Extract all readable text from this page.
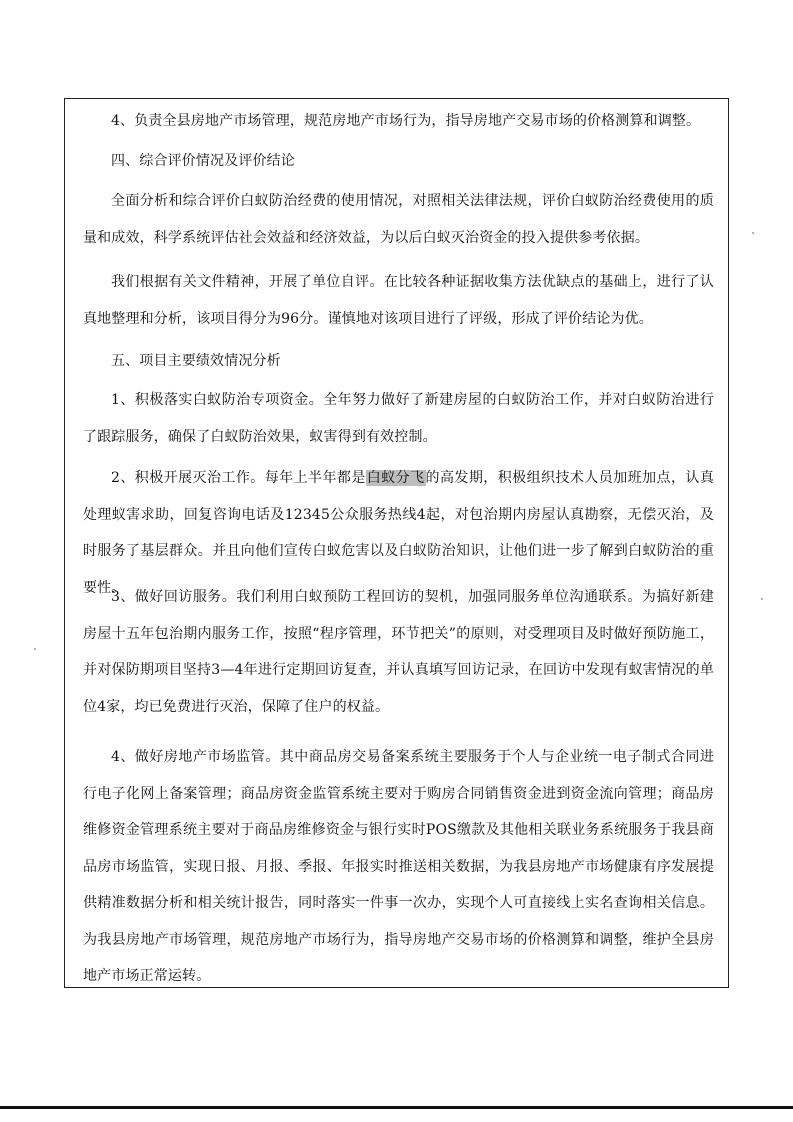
4、负责全县房地产市场管理，规范房地产市场行为，指导房地产交易市场的价格测算和调整。

四、综合评价情况及评价结论

全面分析和综合评价白蚁防治经费的使用情况，对照相关法律法规，评价白蚁防治经费使用的质量和成效，科学系统评估社会效益和经济效益，为以后白蚁灭治资金的投入提供参考依据。

我们根据有关文件精神，开展了单位自评。在比较各种证据收集方法优缺点的基础上，进行了认真地整理和分析，该项目得分为96分。谨慎地对该项目进行了评级，形成了评价结论为优。

五、项目主要绩效情况分析

1、积极落实白蚁防治专项资金。全年努力做好了新建房屋的白蚁防治工作，并对白蚁防治进行了跟踪服务，确保了白蚁防治效果，蚁害得到有效控制。

2、积极开展灭治工作。每年上半年都是白蚁分飞的高发期，积极组织技术人员加班加点，认真处理蚁害求助，回复咨询电话及12345公众服务热线4起，对包治期内房屋认真勘察，无偿灭治，及时服务了基层群众。并且向他们宣传白蚁危害以及白蚁防治知识，让他们进一步了解到白蚁防治的重要性。

3、做好回访服务。我们利用白蚁预防工程回访的契机，加强同服务单位沟通联系。为搞好新建房屋十五年包治期内服务工作，按照“程序管理，环节把关”的原则，对受理项目及时做好预防施工，并对保防期项目坚持3—4年进行定期回访复查，并认真填写回访记录，在回访中发现有蚁害情况的单位4家，均已免费进行灭治，保障了住户的权益。

4、做好房地产市场监管。其中商品房交易备案系统主要服务于个人与企业统一电子制式合同进行电子化网上备案管理；商品房资金监管系统主要对于购房合同销售资金进到资金流向管理；商品房维修资金管理系统主要对于商品房维修资金与银行实时POS缴款及其他相关联业务系统服务于我县商品房市场监管，实现日报、月报、季报、年报实时推送相关数据，为我县房地产市场健康有序发展提供精准数据分析和相关统计报告，同时落实一件事一次办，实现个人可直接线上实名查询相关信息。为我县房地产市场管理，规范房地产市场行为，指导房地产交易市场的价格测算和调整，维护全县房地产市场正常运转。
